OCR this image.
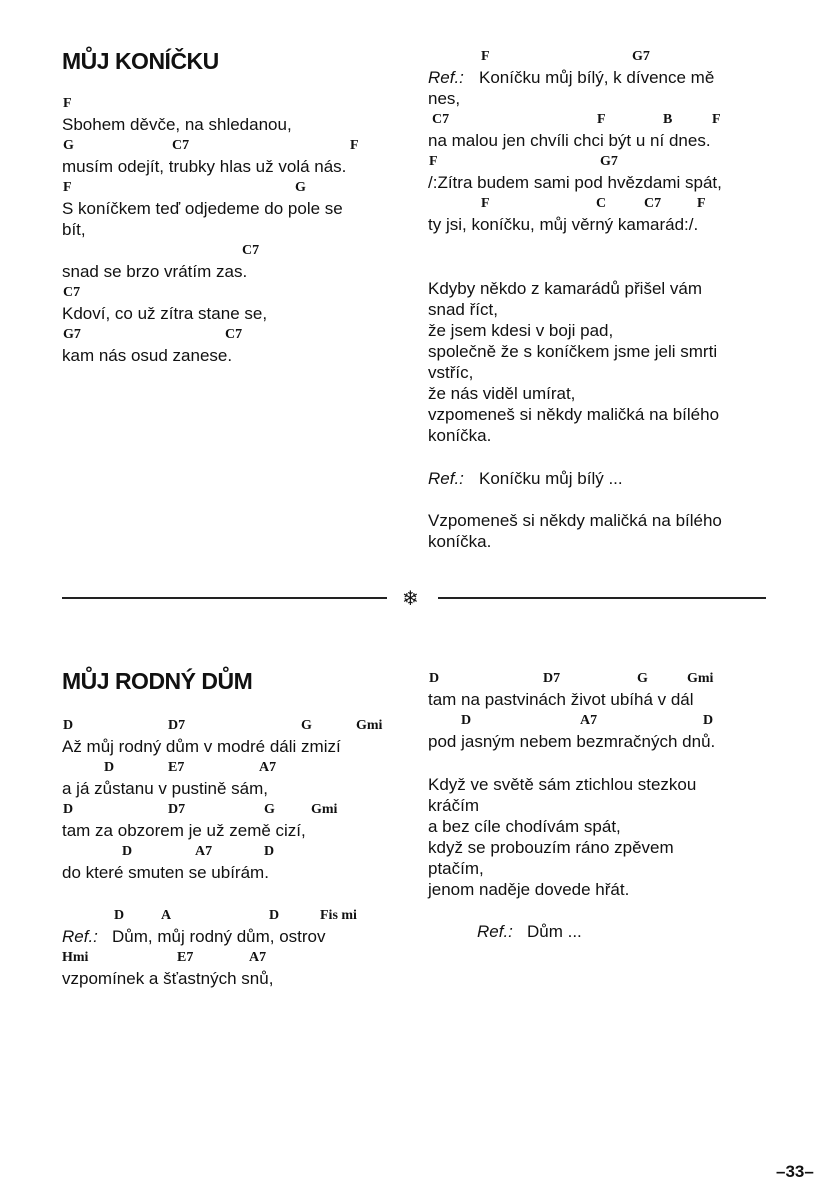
MŮJ KONÍČKU
F
Sbohem děvče, na shledanou,
G	C7	F
musím odejít, trubky hlas už volá nás.
F	G
S koníčkem teď odjedeme do pole se
bít,
C7
snad se brzo vrátím zas.
C7
Kdoví, co už zítra stane se,
G7	C7
kam nás osud zanese.
F	G7
Ref.: Koníčku můj bílý, k dívence mě
nes,
C7	F	B	F
na malou jen chvíli chci být u ní dnes.
F	G7
/:Zítra budem sami pod hvězdami spát,
F	C	C7	F
ty jsi, koníčku, můj věrný kamarád:/.
Kdyby někdo z kamarádů přišel vám
snad říct,
že jsem kdesi v boji pad,
společně že s koníčkem jsme jeli smrti
vstříc,
že nás viděl umírat,
vzpomeneš si někdy maličká na bílého
koníčka.
Ref.: Koníčku můj bílý ...
Vzpomeneš si někdy maličká na bílého
koníčka.
❄
MŮJ RODNÝ DŮM
D	D7	G	Gmi
Až můj rodný dům v modré dáli zmizí
D	E7	A7
a já zůstanu v pustině sám,
D	D7	G	Gmi
tam za obzorem je už země cizí,
D	A7	D
do které smuten se ubírám.
D	A	D	Fis mi
Ref.: Dům, můj rodný dům, ostrov
Hmi	E7	A7
vzpomínek a šťastných snů,
D	D7	G	Gmi
tam na pastvinách život ubíhá v dál
D	A7	D
pod jasným nebem bezmračných dnů.
Když ve světě sám ztichlou stezkou
kráčím
a bez cíle chodívám spát,
když se probouzím ráno zpěvem
ptačím,
jenom naděje dovede hřát.
Ref.: Dům ...
–33–
